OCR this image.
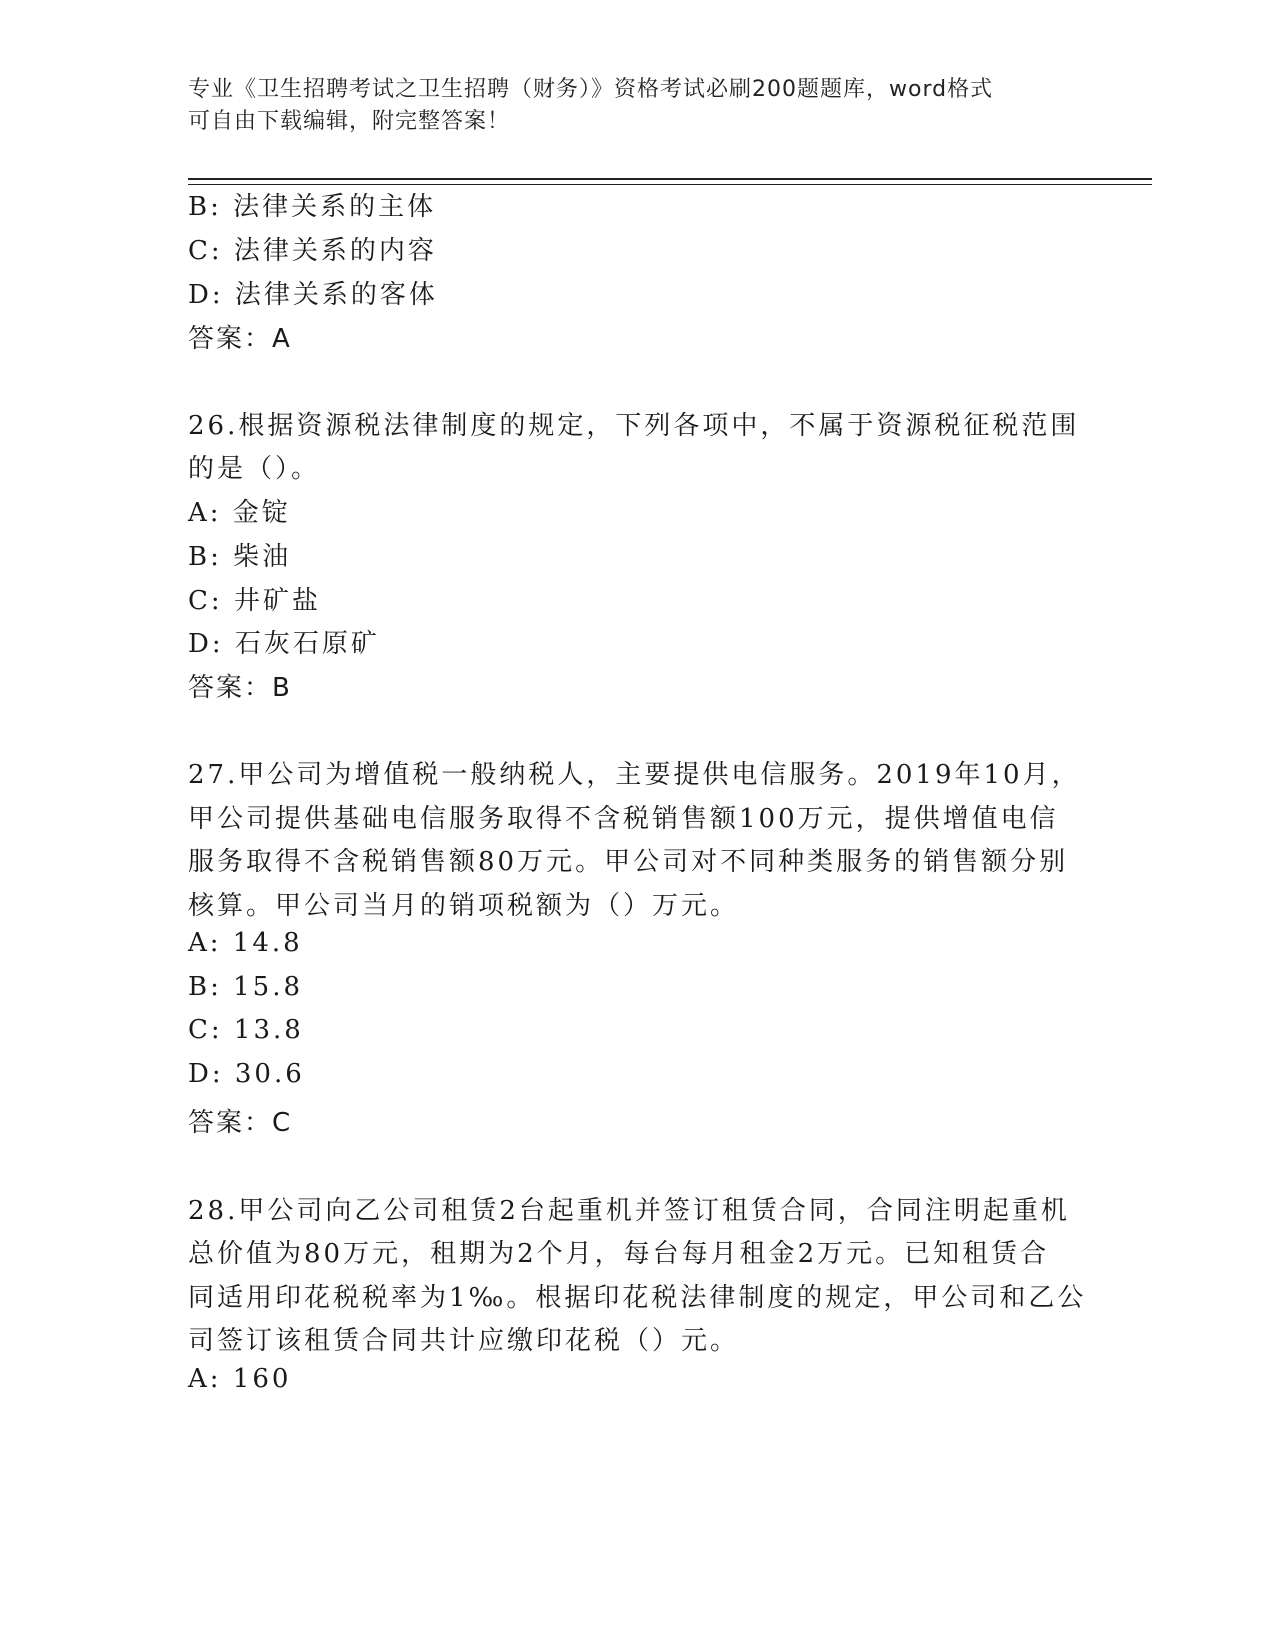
专业《卫生招聘考试之卫生招聘（财务）》资格考试必刷200题题库，word格式
可自由下载编辑，附完整答案！
B: 法律关系的主体
C: 法律关系的内容
D: 法律关系的客体
答案：A
26.根据资源税法律制度的规定，下列各项中，不属于资源税征税范围
的是（）。
A: 金锭
B: 柴油
C: 井矿盐
D: 石灰石原矿
答案：B
27.甲公司为增值税一般纳税人，主要提供电信服务。2019年10月，
甲公司提供基础电信服务取得不含税销售额100万元，提供增值电信
服务取得不含税销售额80万元。甲公司对不同种类服务的销售额分别
核算。甲公司当月的销项税额为（）万元。
A: 14.8
B: 15.8
C: 13.8
D: 30.6
答案：C
28.甲公司向乙公司租赁2台起重机并签订租赁合同，合同注明起重机
总价值为80万元，租期为2个月，每台每月租金2万元。已知租赁合
同适用印花税税率为1‰。根据印花税法律制度的规定，甲公司和乙公
司签订该租赁合同共计应缴印花税（）元。
A: 160
